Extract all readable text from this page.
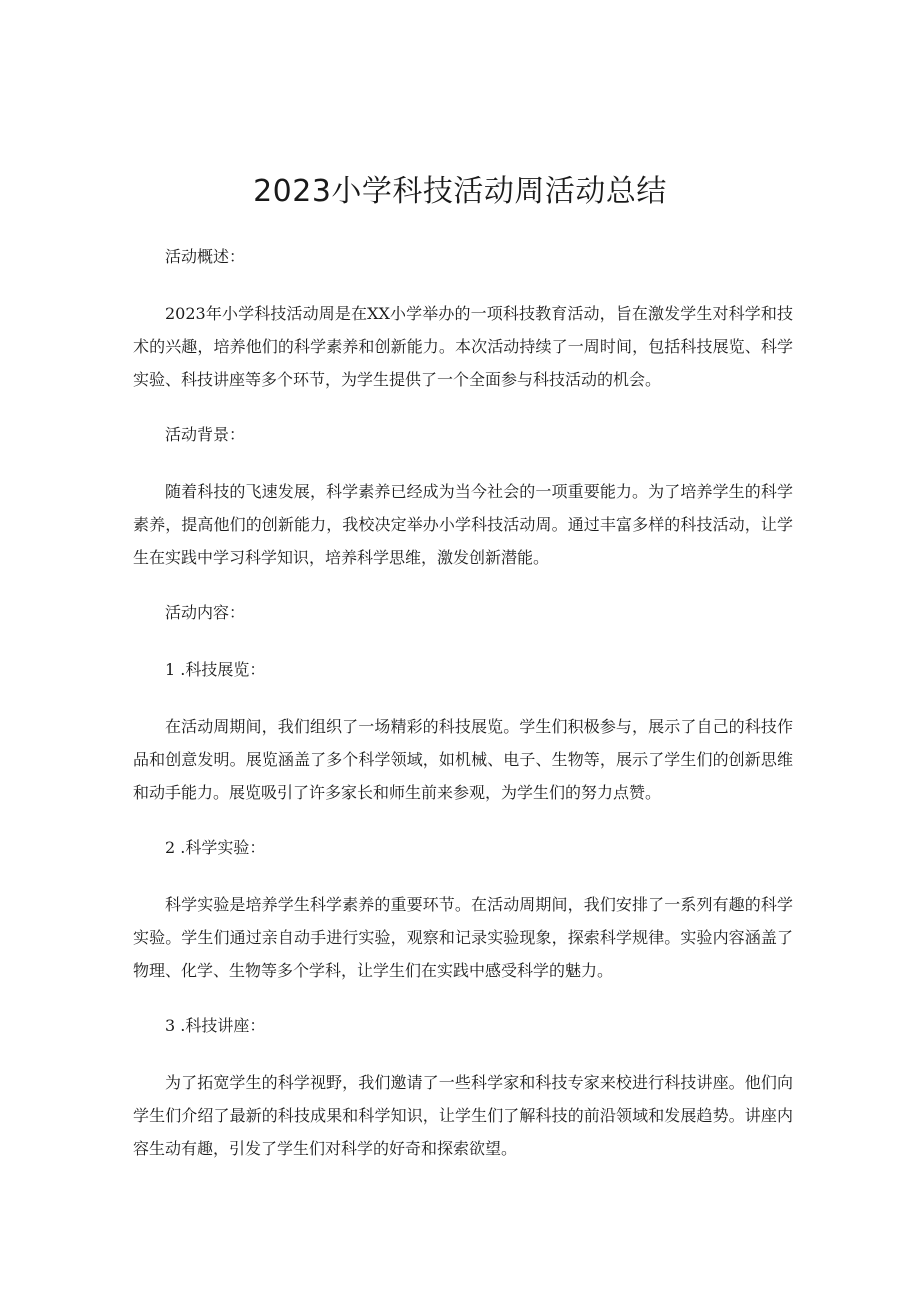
2023小学科技活动周活动总结

活动概述：

2023年小学科技活动周是在XX小学举办的一项科技教育活动，旨在激发学生对科学和技术的兴趣，培养他们的科学素养和创新能力。本次活动持续了一周时间，包括科技展览、科学实验、科技讲座等多个环节，为学生提供了一个全面参与科技活动的机会。

活动背景：

随着科技的飞速发展，科学素养已经成为当今社会的一项重要能力。为了培养学生的科学素养，提高他们的创新能力，我校决定举办小学科技活动周。通过丰富多样的科技活动，让学生在实践中学习科学知识，培养科学思维，激发创新潜能。

活动内容：

1 .科技展览：

在活动周期间，我们组织了一场精彩的科技展览。学生们积极参与，展示了自己的科技作品和创意发明。展览涵盖了多个科学领域，如机械、电子、生物等，展示了学生们的创新思维和动手能力。展览吸引了许多家长和师生前来参观，为学生们的努力点赞。

2 .科学实验：

科学实验是培养学生科学素养的重要环节。在活动周期间，我们安排了一系列有趣的科学实验。学生们通过亲自动手进行实验，观察和记录实验现象，探索科学规律。实验内容涵盖了物理、化学、生物等多个学科，让学生们在实践中感受科学的魅力。

3 .科技讲座：

为了拓宽学生的科学视野，我们邀请了一些科学家和科技专家来校进行科技讲座。他们向学生们介绍了最新的科技成果和科学知识，让学生们了解科技的前沿领域和发展趋势。讲座内容生动有趣，引发了学生们对科学的好奇和探索欲望。
